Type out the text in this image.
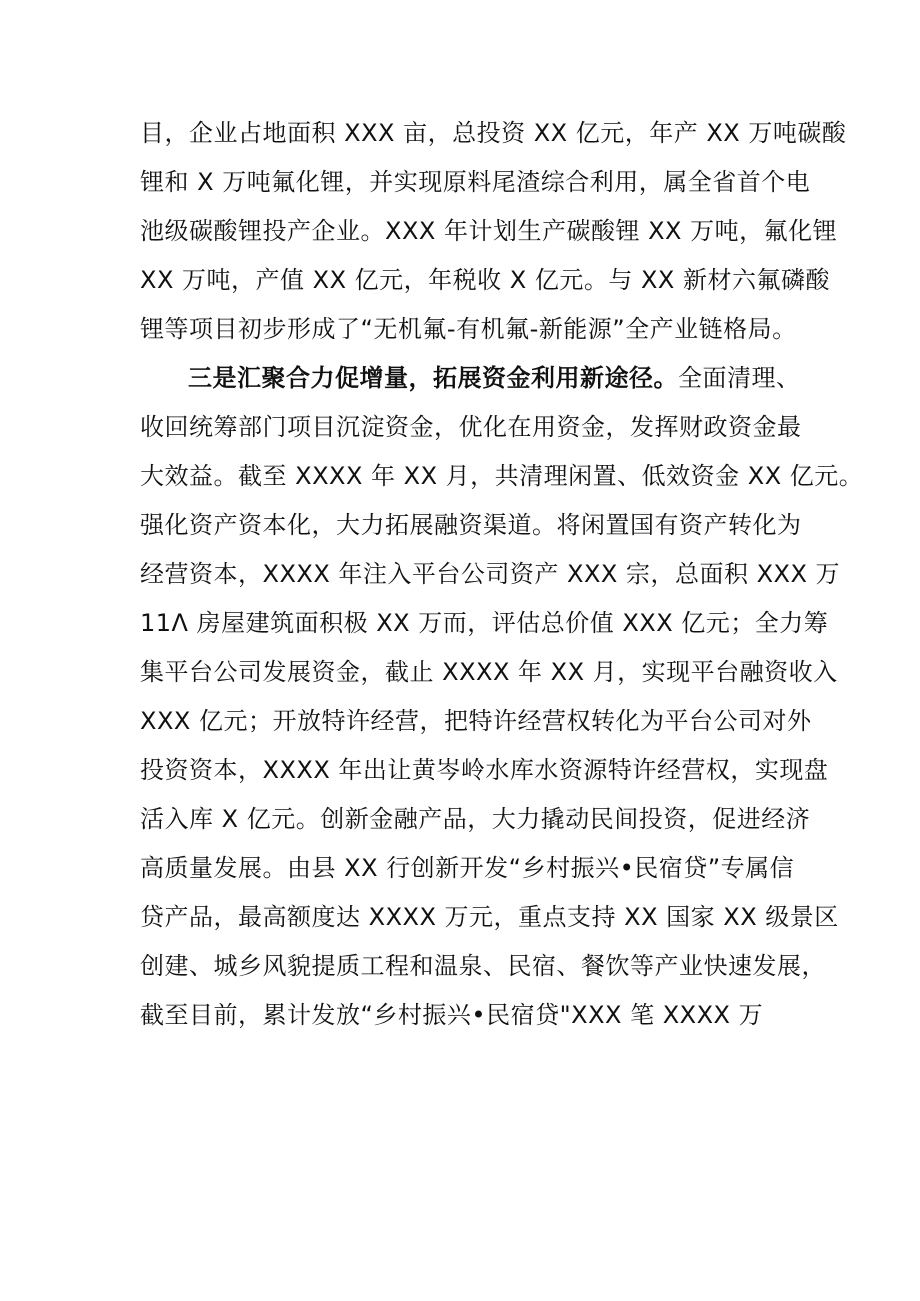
目，企业占地面积 XXX 亩，总投资 XX 亿元，年产 XX 万吨碳酸
锂和 X 万吨氟化锂，并实现原料尾渣综合利用，属全省首个电
池级碳酸锂投产企业。XXX 年计划生产碳酸锂 XX 万吨，氟化锂
XX 万吨，产值 XX 亿元，年税收 X 亿元。与 XX 新材六氟磷酸
锂等项目初步形成了“无机氟-有机氟-新能源”全产业链格局。
三是汇聚合力促增量，拓展资金利用新途径。全面清理、
收回统筹部门项目沉淀资金，优化在用资金，发挥财政资金最
大效益。截至 XXXX 年 XX 月，共清理闲置、低效资金 XX 亿元。
强化资产资本化，大力拓展融资渠道。将闲置国有资产转化为
经营资本，XXXX 年注入平台公司资产 XXX 宗，总面积 XXX 万
11Λ 房屋建筑面积极 XX 万而，评估总价值 XXX 亿元；全力筹
集平台公司发展资金，截止 XXXX 年 XX 月，实现平台融资收入
XXX 亿元；开放特许经营，把特许经营权转化为平台公司对外
投资资本，XXXX 年出让黄岑岭水库水资源特许经营权，实现盘
活入库 X 亿元。创新金融产品，大力撬动民间投资，促进经济
高质量发展。由县 XX 行创新开发“乡村振兴•民宿贷”专属信
贷产品，最高额度达 XXXX 万元，重点支持 XX 国家 XX 级景区
创建、城乡风貌提质工程和温泉、民宿、餐饮等产业快速发展，
截至目前，累计发放“乡村振兴•民宿贷"XXX 笔 XXXX 万
